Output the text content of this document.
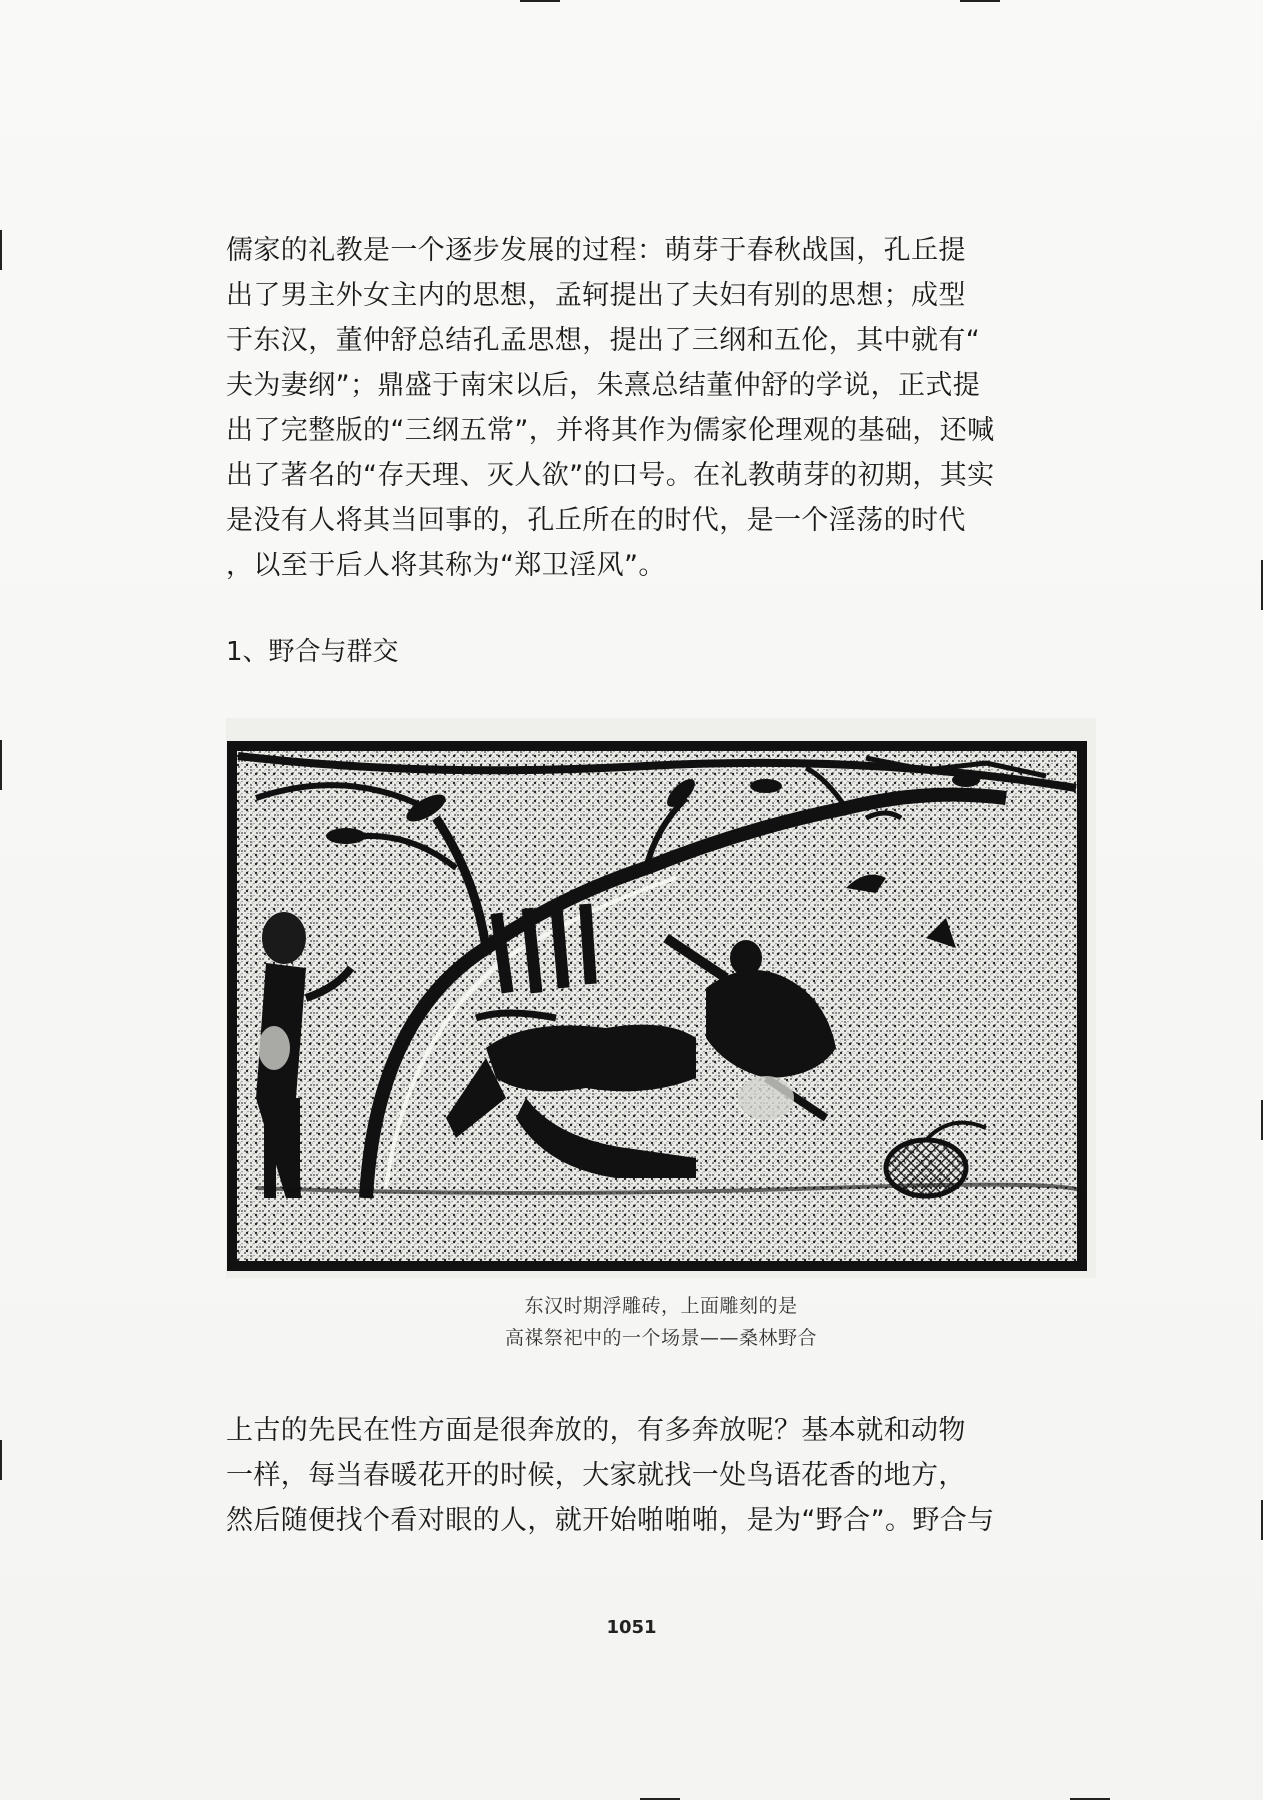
儒家的礼教是一个逐步发展的过程：萌芽于春秋战国，孔丘提
出了男主外女主内的思想，孟轲提出了夫妇有别的思想；成型
于东汉，董仲舒总结孔孟思想，提出了三纲和五伦，其中就有“
夫为妻纲”；鼎盛于南宋以后，朱熹总结董仲舒的学说，正式提
出了完整版的“三纲五常”，并将其作为儒家伦理观的基础，还喊
出了著名的“存天理、灭人欲”的口号。在礼教萌芽的初期，其实
是没有人将其当回事的，孔丘所在的时代，是一个淫荡的时代
，以至于后人将其称为“郑卫淫风”。

1、野合与群交
东汉时期浮雕砖，上面雕刻的是
高禖祭祀中的一个场景——桑林野合

上古的先民在性方面是很奔放的，有多奔放呢？基本就和动物
一样，每当春暖花开的时候，大家就找一处鸟语花香的地方，
然后随便找个看对眼的人，就开始啪啪啪，是为“野合”。野合与

1051
